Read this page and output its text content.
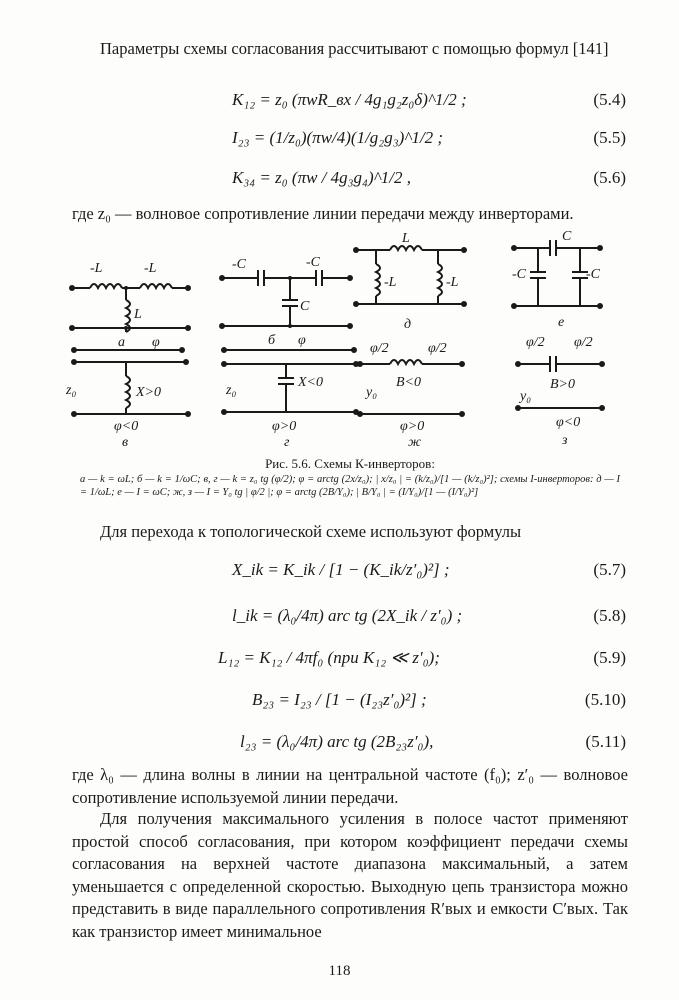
Параметры схемы согласования рассчитывают с помощью формул [141]
K₁₂ = z₀ (πwR_вх / 4g₁g₂z₀δ)^1/2 ;	(5.4)
I₂₃ = (1/z₀)(πw/4)(1/g₂g₃)^1/2 ;	(5.5)
K₃₄ = z₀ (πw / 4g₃g₄)^1/2 ,	(5.6)
где z₀ — волновое сопротивление линии передачи между инверторами.
-L	-L
L
а φ
-C	-C
C
б φ
L
-L	-L
д
C
-C	-C
е
z₀	X>0
φ<0
в
z₀
X<0
φ>0
г
φ/2	φ/2
B<0
y₀
φ>0
ж
φ/2 φ/2
B>0
y₀
φ<0
з
Рис. 5.6. Схемы К-инверторов:
а — k = ωL; б — k = 1/ωC; в, г — k = z₀ tg (φ/2); φ = arctg (2x/z₀); | x/z₀ | = (k/z₀)/[1 — (k/z₀)²]; схемы I-инверторов: д — I = 1/ωL; е — I = ωC; ж, з — I = Y₀ tg | φ/2 |; φ = arctg (2B/Y₀); | B/Y₀ | = (I/Y₀)/[1 — (I/Y₀)²]
Для перехода к топологической схеме используют формулы
X_ik = K_ik / [1 − (K_ik/z′₀)²] ;	(5.7)
l_ik = (λ₀/4π) arc tg (2X_ik / z′₀) ;	(5.8)
L₁₂ = K₁₂ / 4πf₀ (при K₁₂ ≪ z′₀);	(5.9)
B₂₃ = I₂₃ / [1 − (I₂₃z′₀)²] ;	(5.10)
l₂₃ = (λ₀/4π) arc tg (2B₂₃z′₀),	(5.11)
где λ₀ — длина волны в линии на центральной частоте (f₀); z′₀ — волновое сопротивление используемой линии передачи.
Для получения максимального усиления в полосе частот применяют простой способ согласования, при котором коэффициент передачи схемы согласования на верхней частоте диапазона максимальный, а затем уменьшается с определенной скоростью. Выходную цепь транзистора можно представить в виде параллельного сопротивления R′вых и емкости C′вых. Так как транзистор имеет минимальное
118
